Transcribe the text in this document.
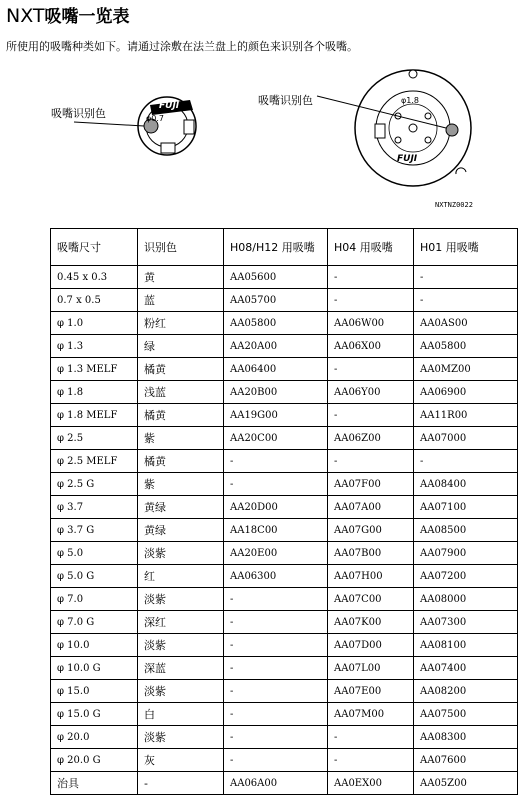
NXT吸嘴一览表
所使用的吸嘴种类如下。请通过涂敷在法兰盘上的颜色来识别各个吸嘴。
吸嘴识别色
吸嘴识别色
φ0.7
φ1.8
FUJI
FUJI
NXTNZ0022
吸嘴尺寸	识别色	H08/H12 用吸嘴	H04 用吸嘴	H01 用吸嘴
0.45 x 0.3	黄	AA05600	-	-
0.7 x 0.5	蓝	AA05700	-	-
φ 1.0	粉红	AA05800	AA06W00	AA0AS00
φ 1.3	绿	AA20A00	AA06X00	AA05800
φ 1.3 MELF	橘黄	AA06400	-	AA0MZ00
φ 1.8	浅蓝	AA20B00	AA06Y00	AA06900
φ 1.8 MELF	橘黄	AA19G00	-	AA11R00
φ 2.5	紫	AA20C00	AA06Z00	AA07000
φ 2.5 MELF	橘黄	-	-	-
φ 2.5 G	紫	-	AA07F00	AA08400
φ 3.7	黄绿	AA20D00	AA07A00	AA07100
φ 3.7 G	黄绿	AA18C00	AA07G00	AA08500
φ 5.0	淡紫	AA20E00	AA07B00	AA07900
φ 5.0 G	红	AA06300	AA07H00	AA07200
φ 7.0	淡紫	-	AA07C00	AA08000
φ 7.0 G	深红	-	AA07K00	AA07300
φ 10.0	淡紫	-	AA07D00	AA08100
φ 10.0 G	深蓝	-	AA07L00	AA07400
φ 15.0	淡紫	-	AA07E00	AA08200
φ 15.0 G	白	-	AA07M00	AA07500
φ 20.0	淡紫	-	-	AA08300
φ 20.0 G	灰	-	-	AA07600
治具	-	AA06A00	AA0EX00	AA05Z00
